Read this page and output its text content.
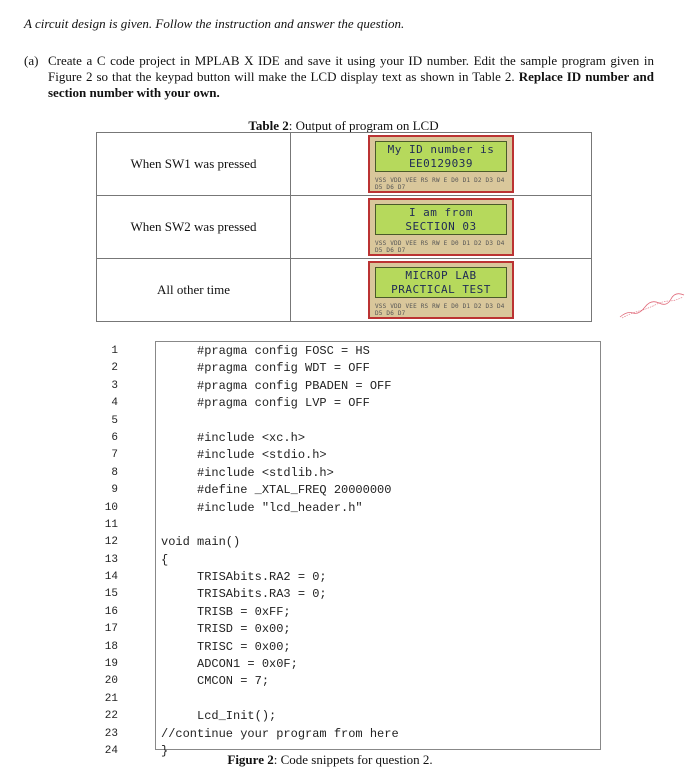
A circuit design is given. Follow the instruction and answer the question.
(a) Create a C code project in MPLAB X IDE and save it using your ID number. Edit the sample program given in Figure 2 so that the keypad button will make the LCD display text as shown in Table 2. Replace ID number and section number with your own.
Table 2: Output of program on LCD
When SW1 was pressed	My ID number is
EE0129039
VSS VDD VEE RS RW E D0 D1 D2 D3 D4 D5 D6 D7

When SW2 was pressed	I am from
SECTION 03
VSS VDD VEE RS RW E D0 D1 D2 D3 D4 D5 D6 D7

All other time	MICROP LAB
PRACTICAL TEST
VSS VDD VEE RS RW E D0 D1 D2 D3 D4 D5 D6 D7
1
2
3
4
5
6
7
8
9
10
11
12
13
14
15
16
17
18
19
20
21
22
23
24
#pragma config FOSC = HS
#pragma config WDT = OFF
#pragma config PBADEN = OFF
#pragma config LVP = OFF
#include <xc.h>
#include <stdio.h>
#include <stdlib.h>
#define _XTAL_FREQ 20000000
#include "lcd_header.h"
void main()
{
TRISAbits.RA2 = 0;
TRISAbits.RA3 = 0;
TRISB = 0xFF;
TRISD = 0x00;
TRISC = 0x00;
ADCON1 = 0x0F;
CMCON = 7;
Lcd_Init();
//continue your program from here
}
Figure 2: Code snippets for question 2.
